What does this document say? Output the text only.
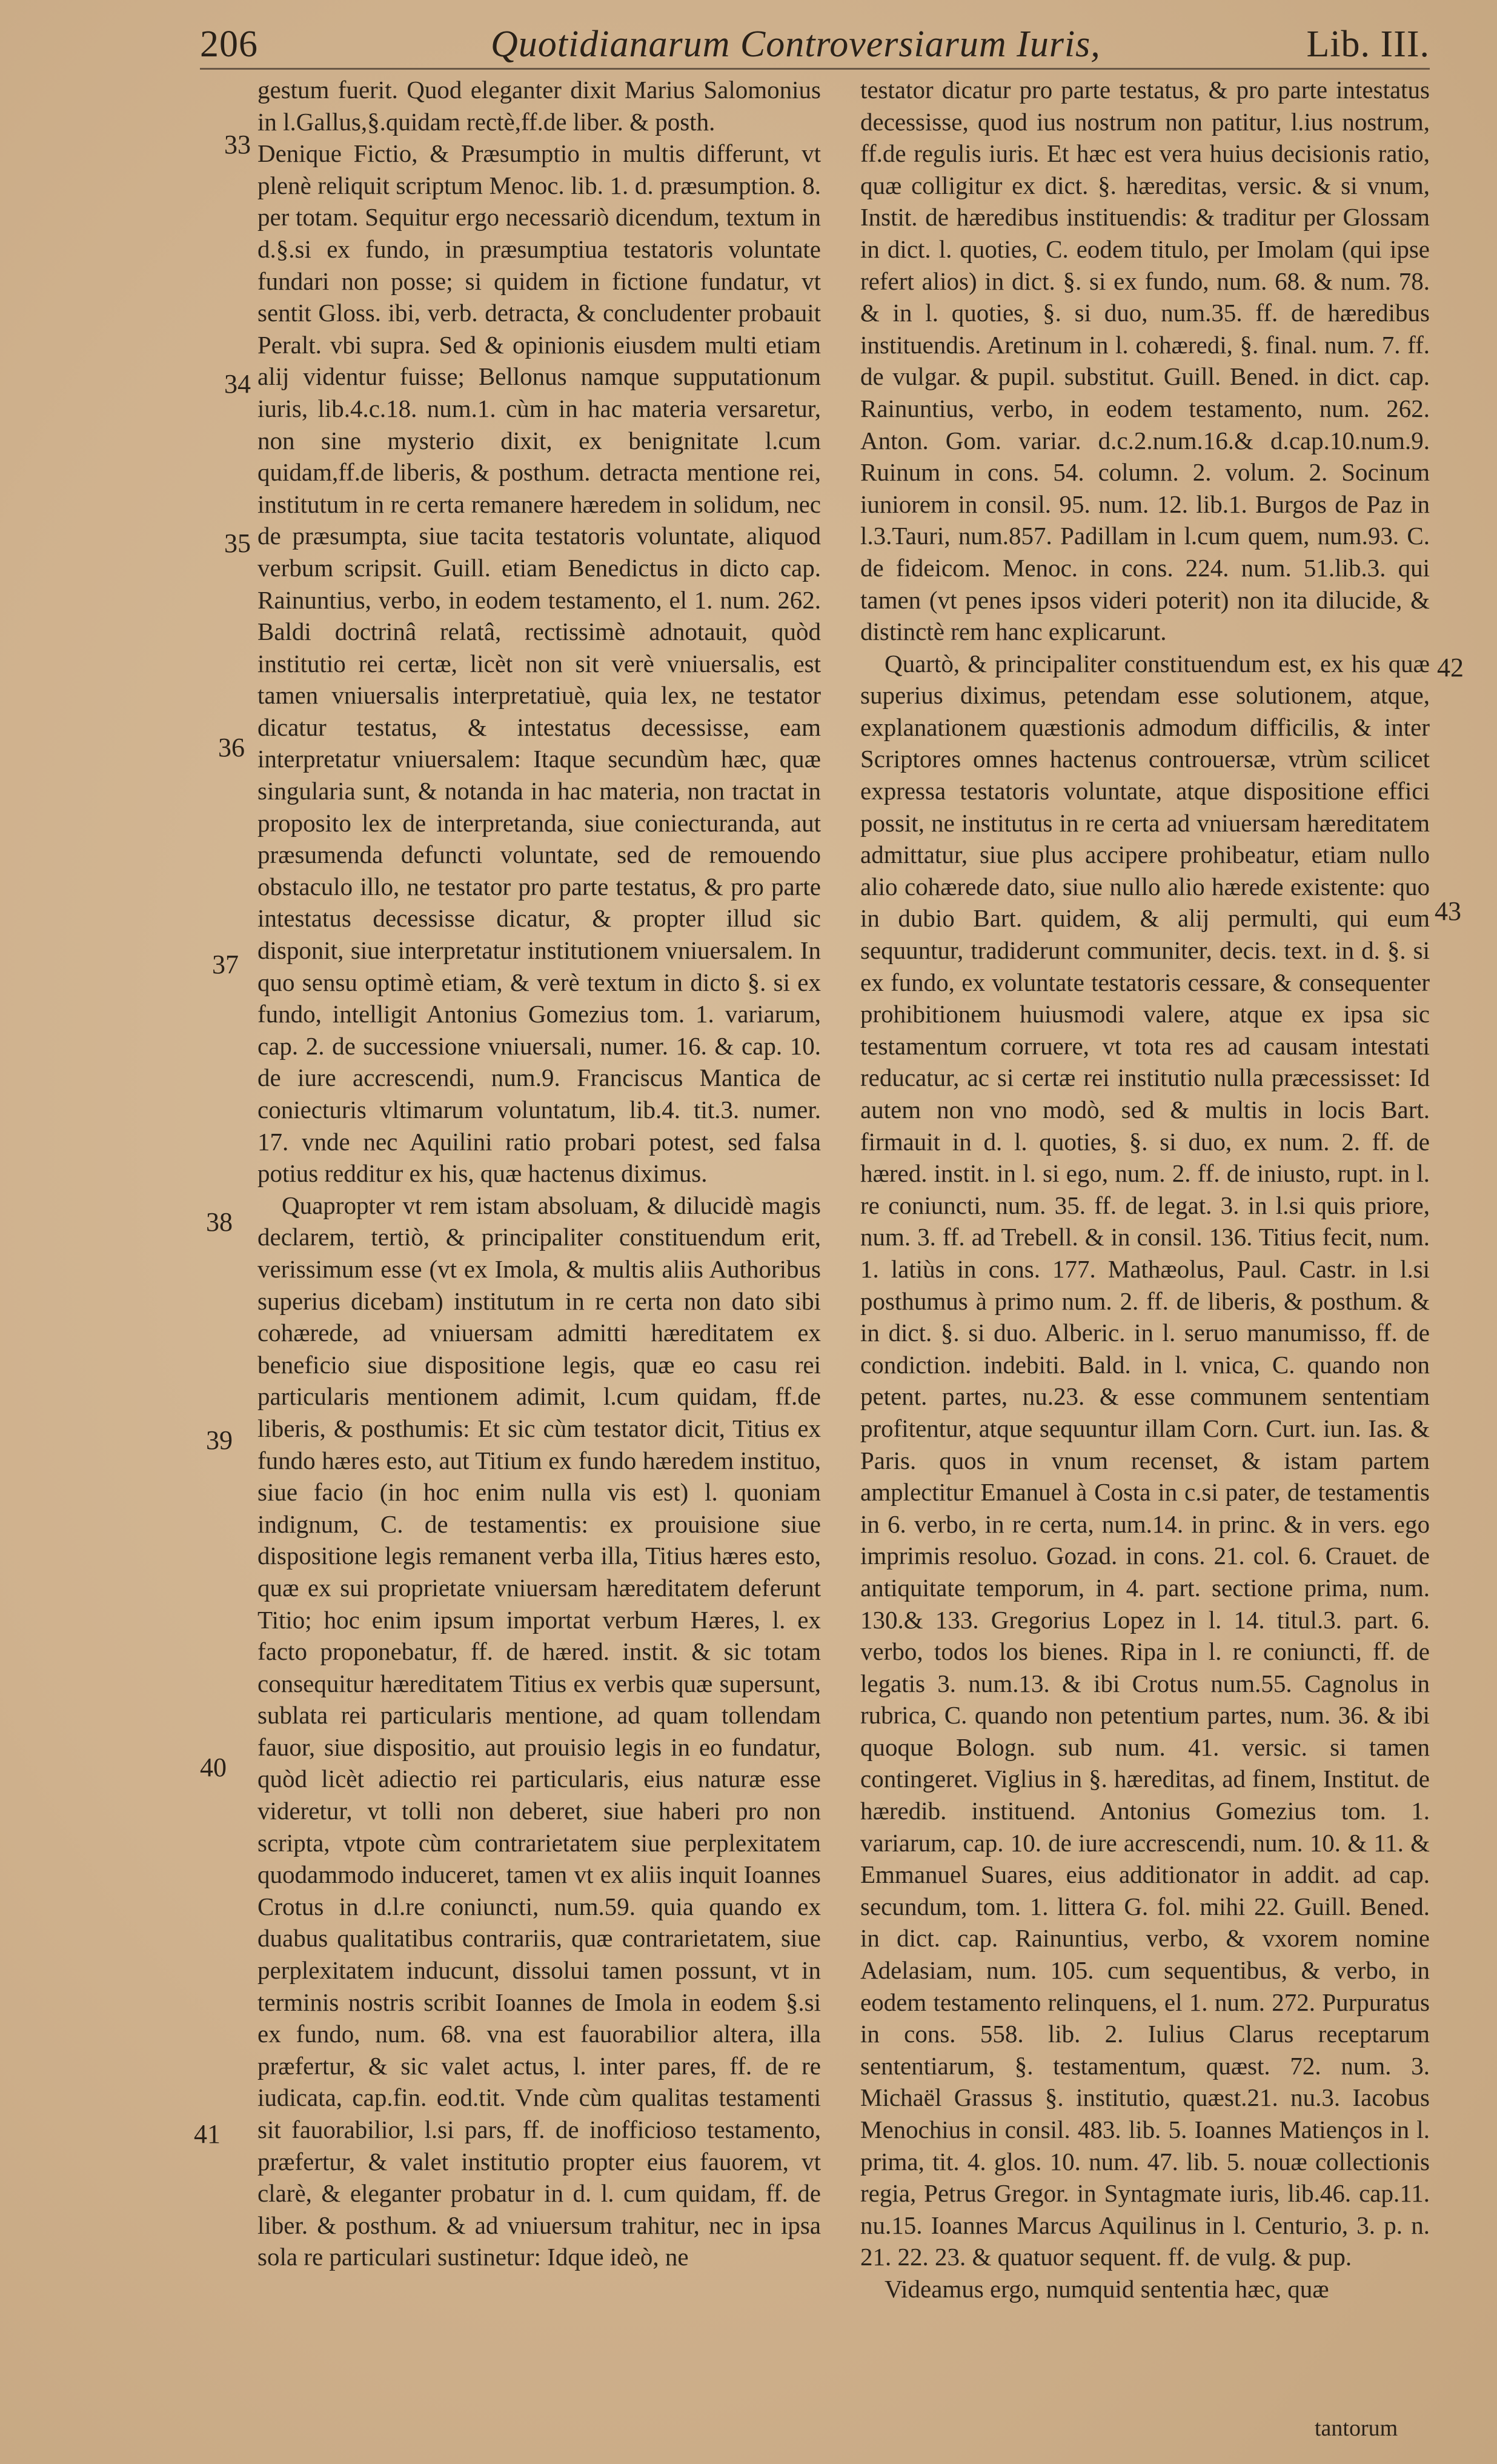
206	Quotidianarum Controversiarum Iuris,	Lib. III.

gestum fuerit. Quod eleganter dixit Marius Salomonius in l.Gallus,§.quidam rectè,ff.de liber. & posth.

Denique Fictio, & Præsumptio in multis differunt, vt plenè reliquit scriptum Menoc. lib. 1. d. præsumption. 8. per totam. Sequitur ergo necessariò dicendum, textum in d.§.si ex fundo, in præsumptiua testatoris voluntate fundari non posse; si quidem in fictione fundatur, vt sentit Gloss. ibi, verb. detracta, & concludenter probauit Peralt. vbi supra. Sed & opinionis eiusdem multi etiam alij videntur fuisse; Bellonus namque supputationum iuris, lib.4.c.18. num.1. cùm in hac materia versaretur, non sine mysterio dixit, ex benignitate l.cum quidam,ff.de liberis, & posthum. detracta mentione rei, institutum in re certa remanere hæredem in solidum, nec de præsumpta, siue tacita testatoris voluntate, aliquod verbum scripsit. Guill. etiam Benedictus in dicto cap. Rainuntius, verbo, in eodem testamento, el 1. num. 262. Baldi doctrinâ relatâ, rectissimè adnotauit, quòd institutio rei certæ, licèt non sit verè vniuersalis, est tamen vniuersalis interpretatiuè, quia lex, ne testator dicatur testatus, & intestatus decessisse, eam interpretatur vniuersalem: Itaque secundùm hæc, quæ singularia sunt, & notanda in hac materia, non tractat in proposito lex de interpretanda, siue coniecturanda, aut præsumenda defuncti voluntate, sed de remouendo obstaculo illo, ne testator pro parte testatus, & pro parte intestatus decessisse dicatur, & propter illud sic disponit, siue interpretatur institutionem vniuersalem. In quo sensu optimè etiam, & verè textum in dicto §. si ex fundo, intelligit Antonius Gomezius tom. 1. variarum, cap. 2. de successione vniuersali, numer. 16. & cap. 10. de iure accrescendi, num.9. Franciscus Mantica de coniecturis vltimarum voluntatum, lib.4. tit.3. numer. 17. vnde nec Aquilini ratio probari potest, sed falsa potius redditur ex his, quæ hactenus diximus.

Quapropter vt rem istam absoluam, & dilucidè magis declarem, tertiò, & principaliter constituendum erit, verissimum esse (vt ex Imola, & multis aliis Authoribus superius dicebam) institutum in re certa non dato sibi cohærede, ad vniuersam admitti hæreditatem ex beneficio siue dispositione legis, quæ eo casu rei particularis mentionem adimit, l.cum quidam, ff.de liberis, & posthumis: Et sic cùm testator dicit, Titius ex fundo hæres esto, aut Titium ex fundo hæredem instituo, siue facio (in hoc enim nulla vis est) l. quoniam indignum, C. de testamentis: ex prouisione siue dispositione legis remanent verba illa, Titius hæres esto, quæ ex sui proprietate vniuersam hæreditatem deferunt Titio; hoc enim ipsum importat verbum Hæres, l. ex facto proponebatur, ff. de hæred. instit. & sic totam consequitur hæreditatem Titius ex verbis quæ supersunt, sublata rei particularis mentione, ad quam tollendam fauor, siue dispositio, aut prouisio legis in eo fundatur, quòd licèt adiectio rei particularis, eius naturæ esse videretur, vt tolli non deberet, siue haberi pro non scripta, vtpote cùm contrarietatem siue perplexitatem quodammodo induceret, tamen vt ex aliis inquit Ioannes Crotus in d.l.re coniuncti, num.59. quia quando ex duabus qualitatibus contrariis, quæ contrarietatem, siue perplexitatem inducunt, dissolui tamen possunt, vt in terminis nostris scribit Ioannes de Imola in eodem §.si ex fundo, num. 68. vna est fauorabilior altera, illa præfertur, & sic valet actus, l. inter pares, ff. de re iudicata, cap.fin. eod.tit. Vnde cùm qualitas testamenti sit fauorabilior, l.si pars, ff. de inofficioso testamento, præfertur, & valet institutio propter eius fauorem, vt clarè, & eleganter probatur in d. l. cum quidam, ff. de liber. & posthum. & ad vniuersum trahitur, nec in ipsa sola re particulari sustinetur: Idque ideò, ne

testator dicatur pro parte testatus, & pro parte intestatus decessisse, quod ius nostrum non patitur, l.ius nostrum, ff.de regulis iuris. Et hæc est vera huius decisionis ratio, quæ colligitur ex dict. §. hæreditas, versic. & si vnum, Instit. de hæredibus instituendis: & traditur per Glossam in dict. l. quoties, C. eodem titulo, per Imolam (qui ipse refert alios) in dict. §. si ex fundo, num. 68. & num. 78. & in l. quoties, §. si duo, num.35. ff. de hæredibus instituendis. Aretinum in l. cohæredi, §. final. num. 7. ff. de vulgar. & pupil. substitut. Guill. Bened. in dict. cap. Rainuntius, verbo, in eodem testamento, num. 262. Anton. Gom. variar. d.c.2.num.16.& d.cap.10.num.9. Ruinum in cons. 54. column. 2. volum. 2. Socinum iuniorem in consil. 95. num. 12. lib.1. Burgos de Paz in l.3.Tauri, num.857. Padillam in l.cum quem, num.93. C. de fideicom. Menoc. in cons. 224. num. 51.lib.3. qui tamen (vt penes ipsos videri poterit) non ita dilucide, & distinctè rem hanc explicarunt.

Quartò, & principaliter constituendum est, ex his quæ superius diximus, petendam esse solutionem, atque, explanationem quæstionis admodum difficilis, & inter Scriptores omnes hactenus controuersæ, vtrùm scilicet expressa testatoris voluntate, atque dispositione effici possit, ne institutus in re certa ad vniuersam hæreditatem admittatur, siue plus accipere prohibeatur, etiam nullo alio cohærede dato, siue nullo alio hærede existente: quo in dubio Bart. quidem, & alij permulti, qui eum sequuntur, tradiderunt communiter, decis. text. in d. §. si ex fundo, ex voluntate testatoris cessare, & consequenter prohibitionem huiusmodi valere, atque ex ipsa sic testamentum corruere, vt tota res ad causam intestati reducatur, ac si certæ rei institutio nulla præcessisset: Id autem non vno modò, sed & multis in locis Bart. firmauit in d. l. quoties, §. si duo, ex num. 2. ff. de hæred. instit. in l. si ego, num. 2. ff. de iniusto, rupt. in l. re coniuncti, num. 35. ff. de legat. 3. in l.si quis priore, num. 3. ff. ad Trebell. & in consil. 136. Titius fecit, num. 1. latiùs in cons. 177. Mathæolus, Paul. Castr. in l.si posthumus à primo num. 2. ff. de liberis, & posthum. & in dict. §. si duo. Alberic. in l. seruo manumisso, ff. de condiction. indebiti. Bald. in l. vnica, C. quando non petent. partes, nu.23. & esse communem sententiam profitentur, atque sequuntur illam Corn. Curt. iun. Ias. & Paris. quos in vnum recenset, & istam partem amplectitur Emanuel à Costa in c.si pater, de testamentis in 6. verbo, in re certa, num.14. in princ. & in vers. ego imprimis resoluo. Gozad. in cons. 21. col. 6. Crauet. de antiquitate temporum, in 4. part. sectione prima, num. 130.& 133. Gregorius Lopez in l. 14. titul.3. part. 6. verbo, todos los bienes. Ripa in l. re coniuncti, ff. de legatis 3. num.13. & ibi Crotus num.55. Cagnolus in rubrica, C. quando non petentium partes, num. 36. & ibi quoque Bologn. sub num. 41. versic. si tamen contingeret. Viglius in §. hæreditas, ad finem, Institut. de hæredib. instituend. Antonius Gomezius tom. 1. variarum, cap. 10. de iure accrescendi, num. 10. & 11. & Emmanuel Suares, eius additionator in addit. ad cap. secundum, tom. 1. littera G. fol. mihi 22. Guill. Bened. in dict. cap. Rainuntius, verbo, & vxorem nomine Adelasiam, num. 105. cum sequentibus, & verbo, in eodem testamento relinquens, el 1. num. 272. Purpuratus in cons. 558. lib. 2. Iulius Clarus receptarum sententiarum, §. testamentum, quæst. 72. num. 3. Michaël Grassus §. institutio, quæst.21. nu.3. Iacobus Menochius in consil. 483. lib. 5. Ioannes Matienços in l. prima, tit. 4. glos. 10. num. 47. lib. 5. nouæ collectionis regia, Petrus Gregor. in Syntagmate iuris, lib.46. cap.11. nu.15. Ioannes Marcus Aquilinus in l. Centurio, 3. p. n. 21. 22. 23. & quatuor sequent. ff. de vulg. & pup.

Videamus ergo, numquid sententia hæc, quæ

33
34
35
36
37
38
39
40
41
42
43
tantorum
